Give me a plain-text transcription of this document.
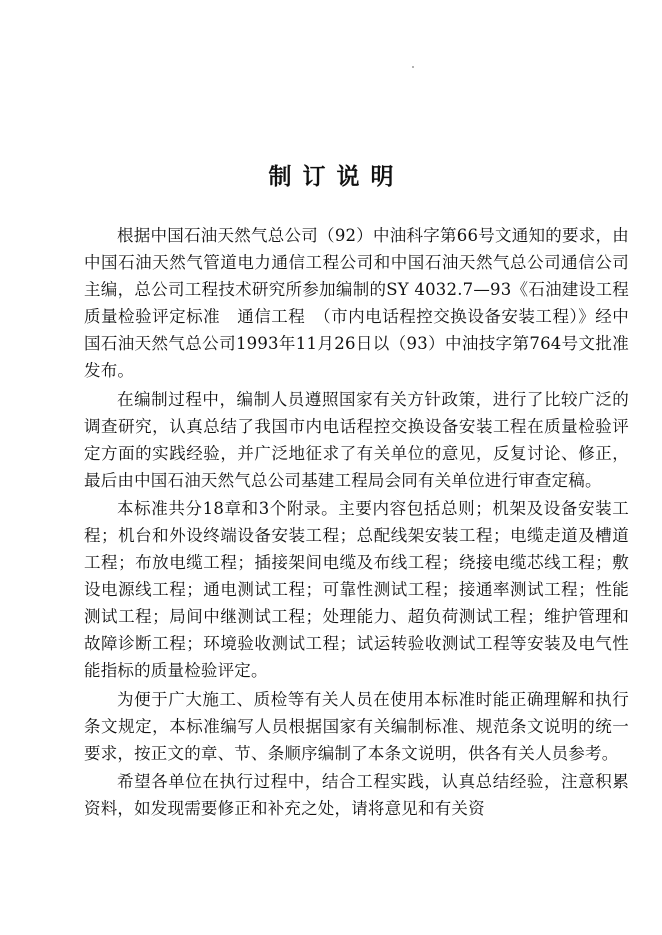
制订说明

根据中国石油天然气总公司（92）中油科字第66号文通知的要求，由中国石油天然气管道电力通信工程公司和中国石油天然气总公司通信公司主编，总公司工程技术研究所参加编制的SY 4032.7—93《石油建设工程质量检验评定标准　通信工程　（市内电话程控交换设备安装工程）》经中国石油天然气总公司1993年11月26日以（93）中油技字第764号文批准发布。

在编制过程中，编制人员遵照国家有关方针政策，进行了比较广泛的调查研究，认真总结了我国市内电话程控交换设备安装工程在质量检验评定方面的实践经验，并广泛地征求了有关单位的意见，反复讨论、修正，最后由中国石油天然气总公司基建工程局会同有关单位进行审查定稿。

本标准共分18章和3个附录。主要内容包括总则；机架及设备安装工程；机台和外设终端设备安装工程；总配线架安装工程；电缆走道及槽道工程；布放电缆工程；插接架间电缆及布线工程；绕接电缆芯线工程；敷设电源线工程；通电测试工程；可靠性测试工程；接通率测试工程；性能测试工程；局间中继测试工程；处理能力、超负荷测试工程；维护管理和故障诊断工程；环境验收测试工程；试运转验收测试工程等安装及电气性能指标的质量检验评定。

为便于广大施工、质检等有关人员在使用本标准时能正确理解和执行条文规定，本标准编写人员根据国家有关编制标准、规范条文说明的统一要求，按正文的章、节、条顺序编制了本条文说明，供各有关人员参考。

希望各单位在执行过程中，结合工程实践，认真总结经验，注意积累资料，如发现需要修正和补充之处，请将意见和有关资
